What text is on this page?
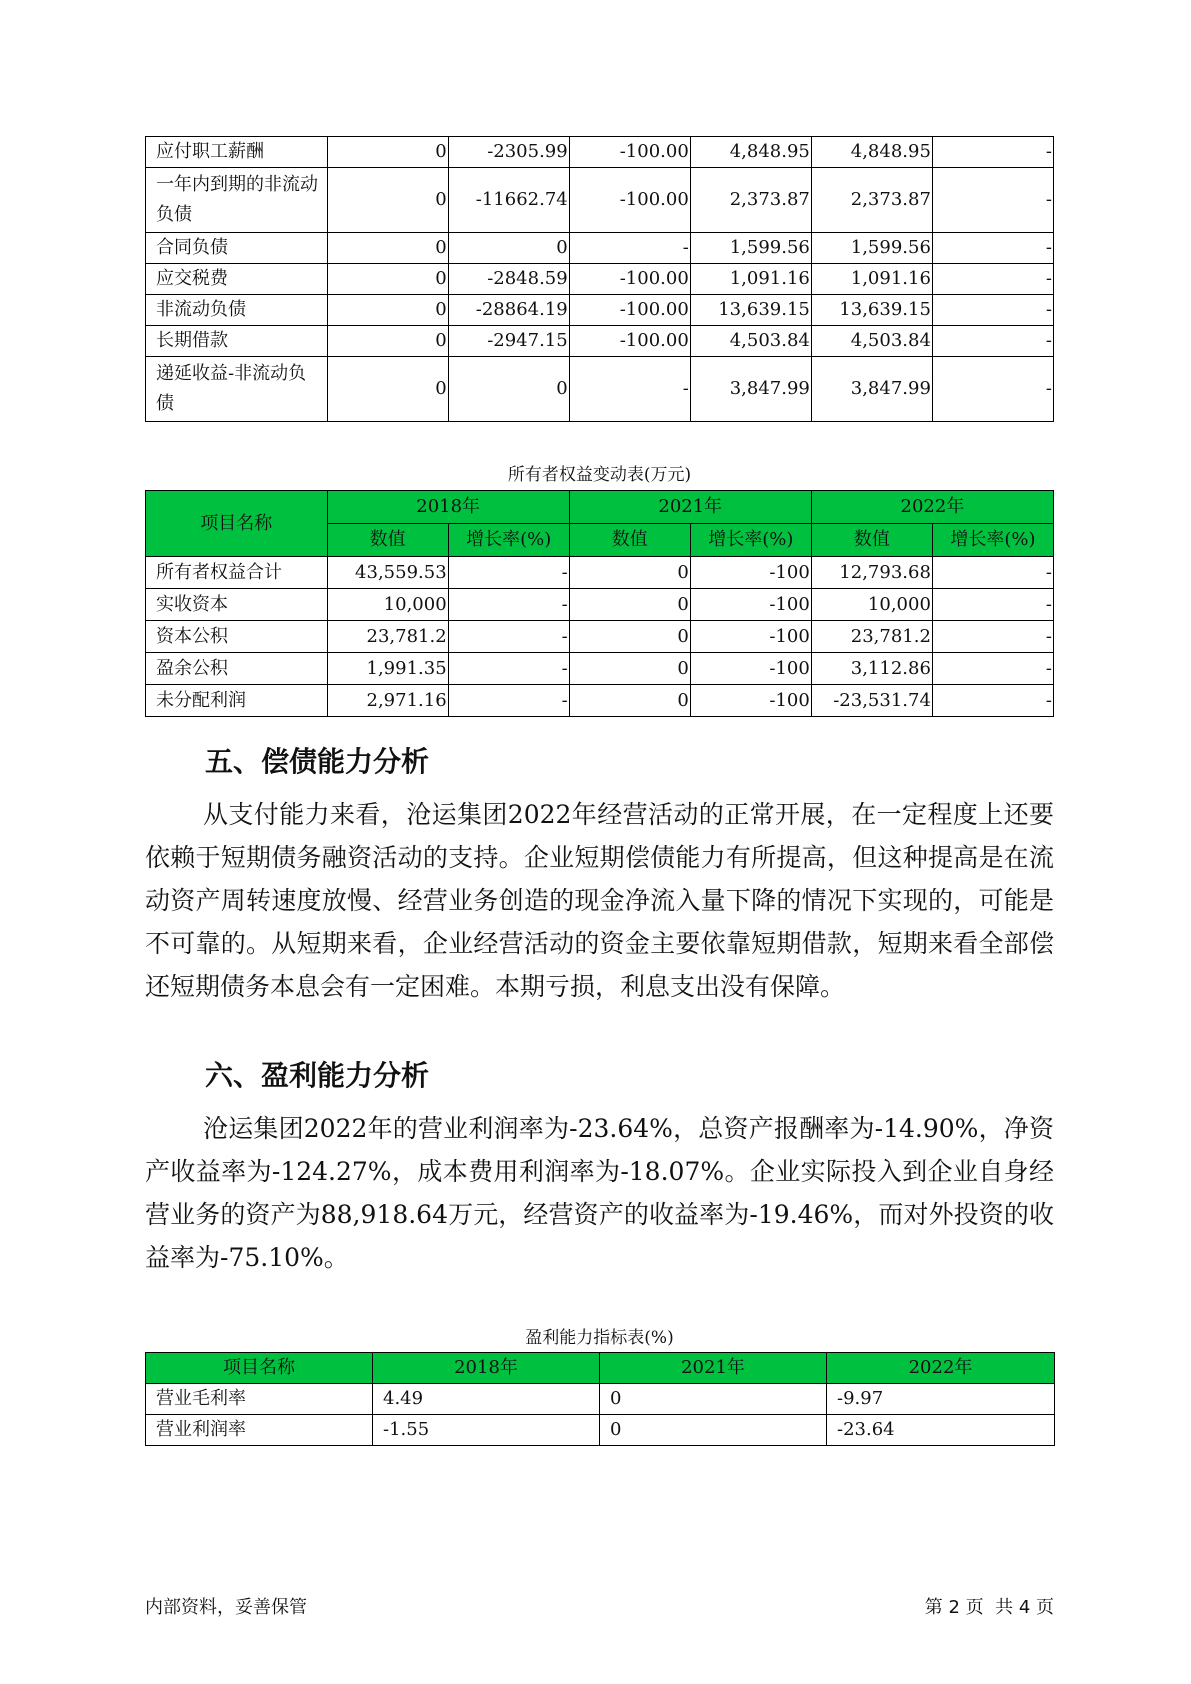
应付职工薪酬	0	-2305.99	-100.00	4,848.95	4,848.95	-
一年内到期的非流动负债	0	-11662.74	-100.00	2,373.87	2,373.87	-
合同负债	0	0	-	1,599.56	1,599.56	-
应交税费	0	-2848.59	-100.00	1,091.16	1,091.16	-
非流动负债	0	-28864.19	-100.00	13,639.15	13,639.15	-
长期借款	0	-2947.15	-100.00	4,503.84	4,503.84	-
递延收益-非流动负债	0	0	-	3,847.99	3,847.99	-
所有者权益变动表(万元)
项目名称	2018年		2021年		2022年	
	数值	增长率(%)	数值	增长率(%)	数值	增长率(%)
所有者权益合计	43,559.53	-	0	-100	12,793.68	-
实收资本	10,000	-	0	-100	10,000	-
资本公积	23,781.2	-	0	-100	23,781.2	-
盈余公积	1,991.35	-	0	-100	3,112.86	-
未分配利润	2,971.16	-	0	-100	-23,531.74	-
五、偿债能力分析

从支付能力来看，沧运集团2022年经营活动的正常开展，在一定程度上还要依赖于短期债务融资活动的支持。企业短期偿债能力有所提高，但这种提高是在流动资产周转速度放慢、经营业务创造的现金净流入量下降的情况下实现的，可能是不可靠的。从短期来看，企业经营活动的资金主要依靠短期借款，短期来看全部偿还短期债务本息会有一定困难。本期亏损，利息支出没有保障。

六、盈利能力分析

沧运集团2022年的营业利润率为-23.64%，总资产报酬率为-14.90%，净资产收益率为-124.27%，成本费用利润率为-18.07%。企业实际投入到企业自身经营业务的资产为88,918.64万元，经营资产的收益率为-19.46%，而对外投资的收益率为-75.10%。

盈利能力指标表(%)
项目名称	2018年	2021年	2022年
营业毛利率	4.49	0	-9.97
营业利润率	-1.55	0	-23.64
内部资料，妥善保管	第 2 页  共 4 页
